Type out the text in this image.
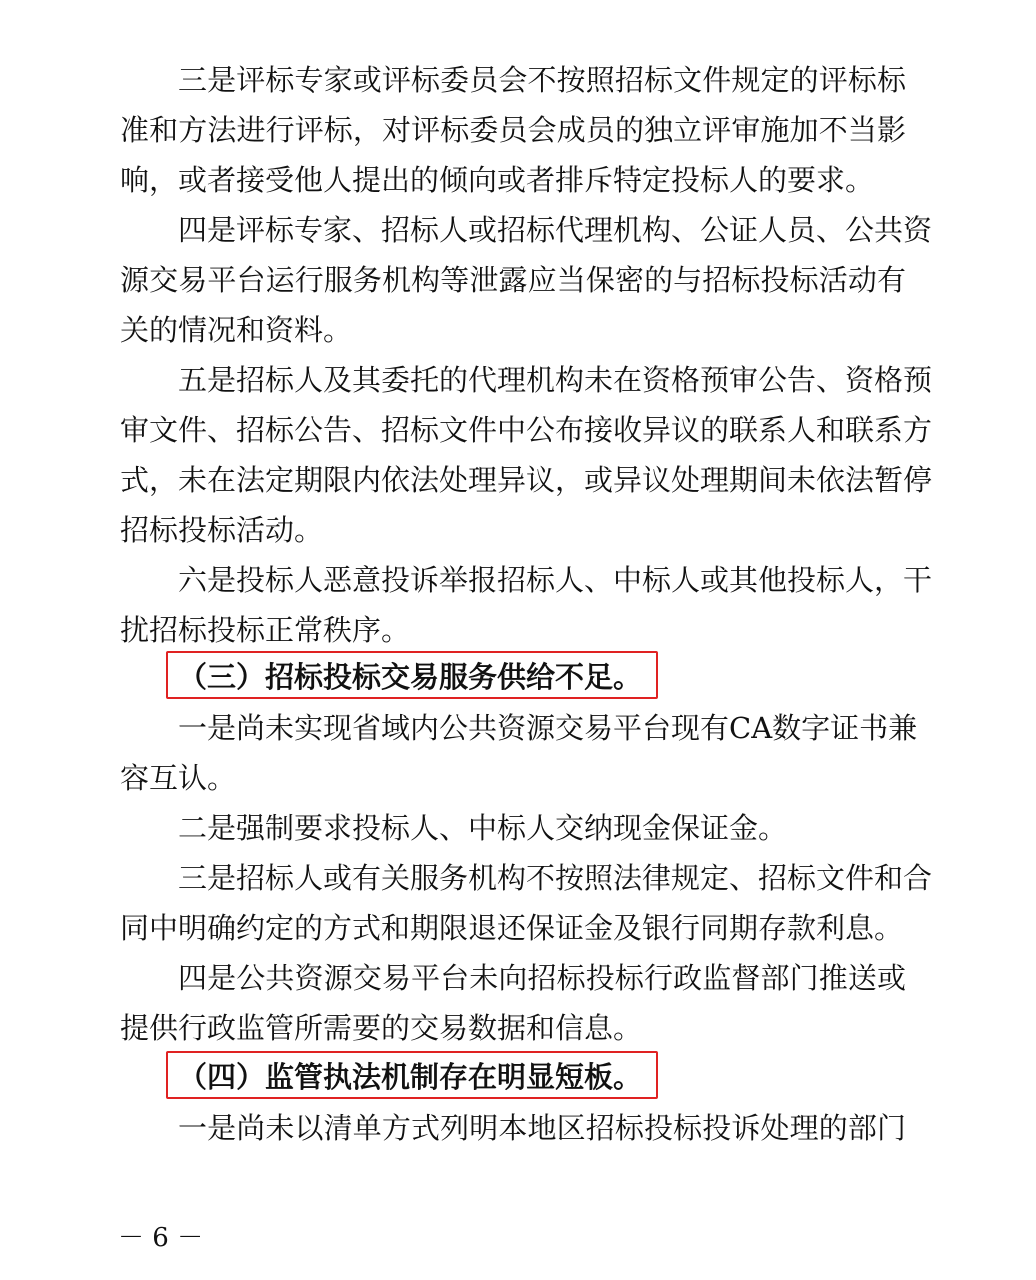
三是评标专家或评标委员会不按照招标文件规定的评标标
准和方法进行评标，对评标委员会成员的独立评审施加不当影
响，或者接受他人提出的倾向或者排斥特定投标人的要求。
四是评标专家、招标人或招标代理机构、公证人员、公共资
源交易平台运行服务机构等泄露应当保密的与招标投标活动有
关的情况和资料。
五是招标人及其委托的代理机构未在资格预审公告、资格预
审文件、招标公告、招标文件中公布接收异议的联系人和联系方
式，未在法定期限内依法处理异议，或异议处理期间未依法暂停
招标投标活动。
六是投标人恶意投诉举报招标人、中标人或其他投标人，干
扰招标投标正常秩序。
（三）招标投标交易服务供给不足。
一是尚未实现省域内公共资源交易平台现有CA数字证书兼
容互认。
二是强制要求投标人、中标人交纳现金保证金。
三是招标人或有关服务机构不按照法律规定、招标文件和合
同中明确约定的方式和期限退还保证金及银行同期存款利息。
四是公共资源交易平台未向招标投标行政监督部门推送或
提供行政监管所需要的交易数据和信息。
（四）监管执法机制存在明显短板。
一是尚未以清单方式列明本地区招标投标投诉处理的部门
－ 6 －
